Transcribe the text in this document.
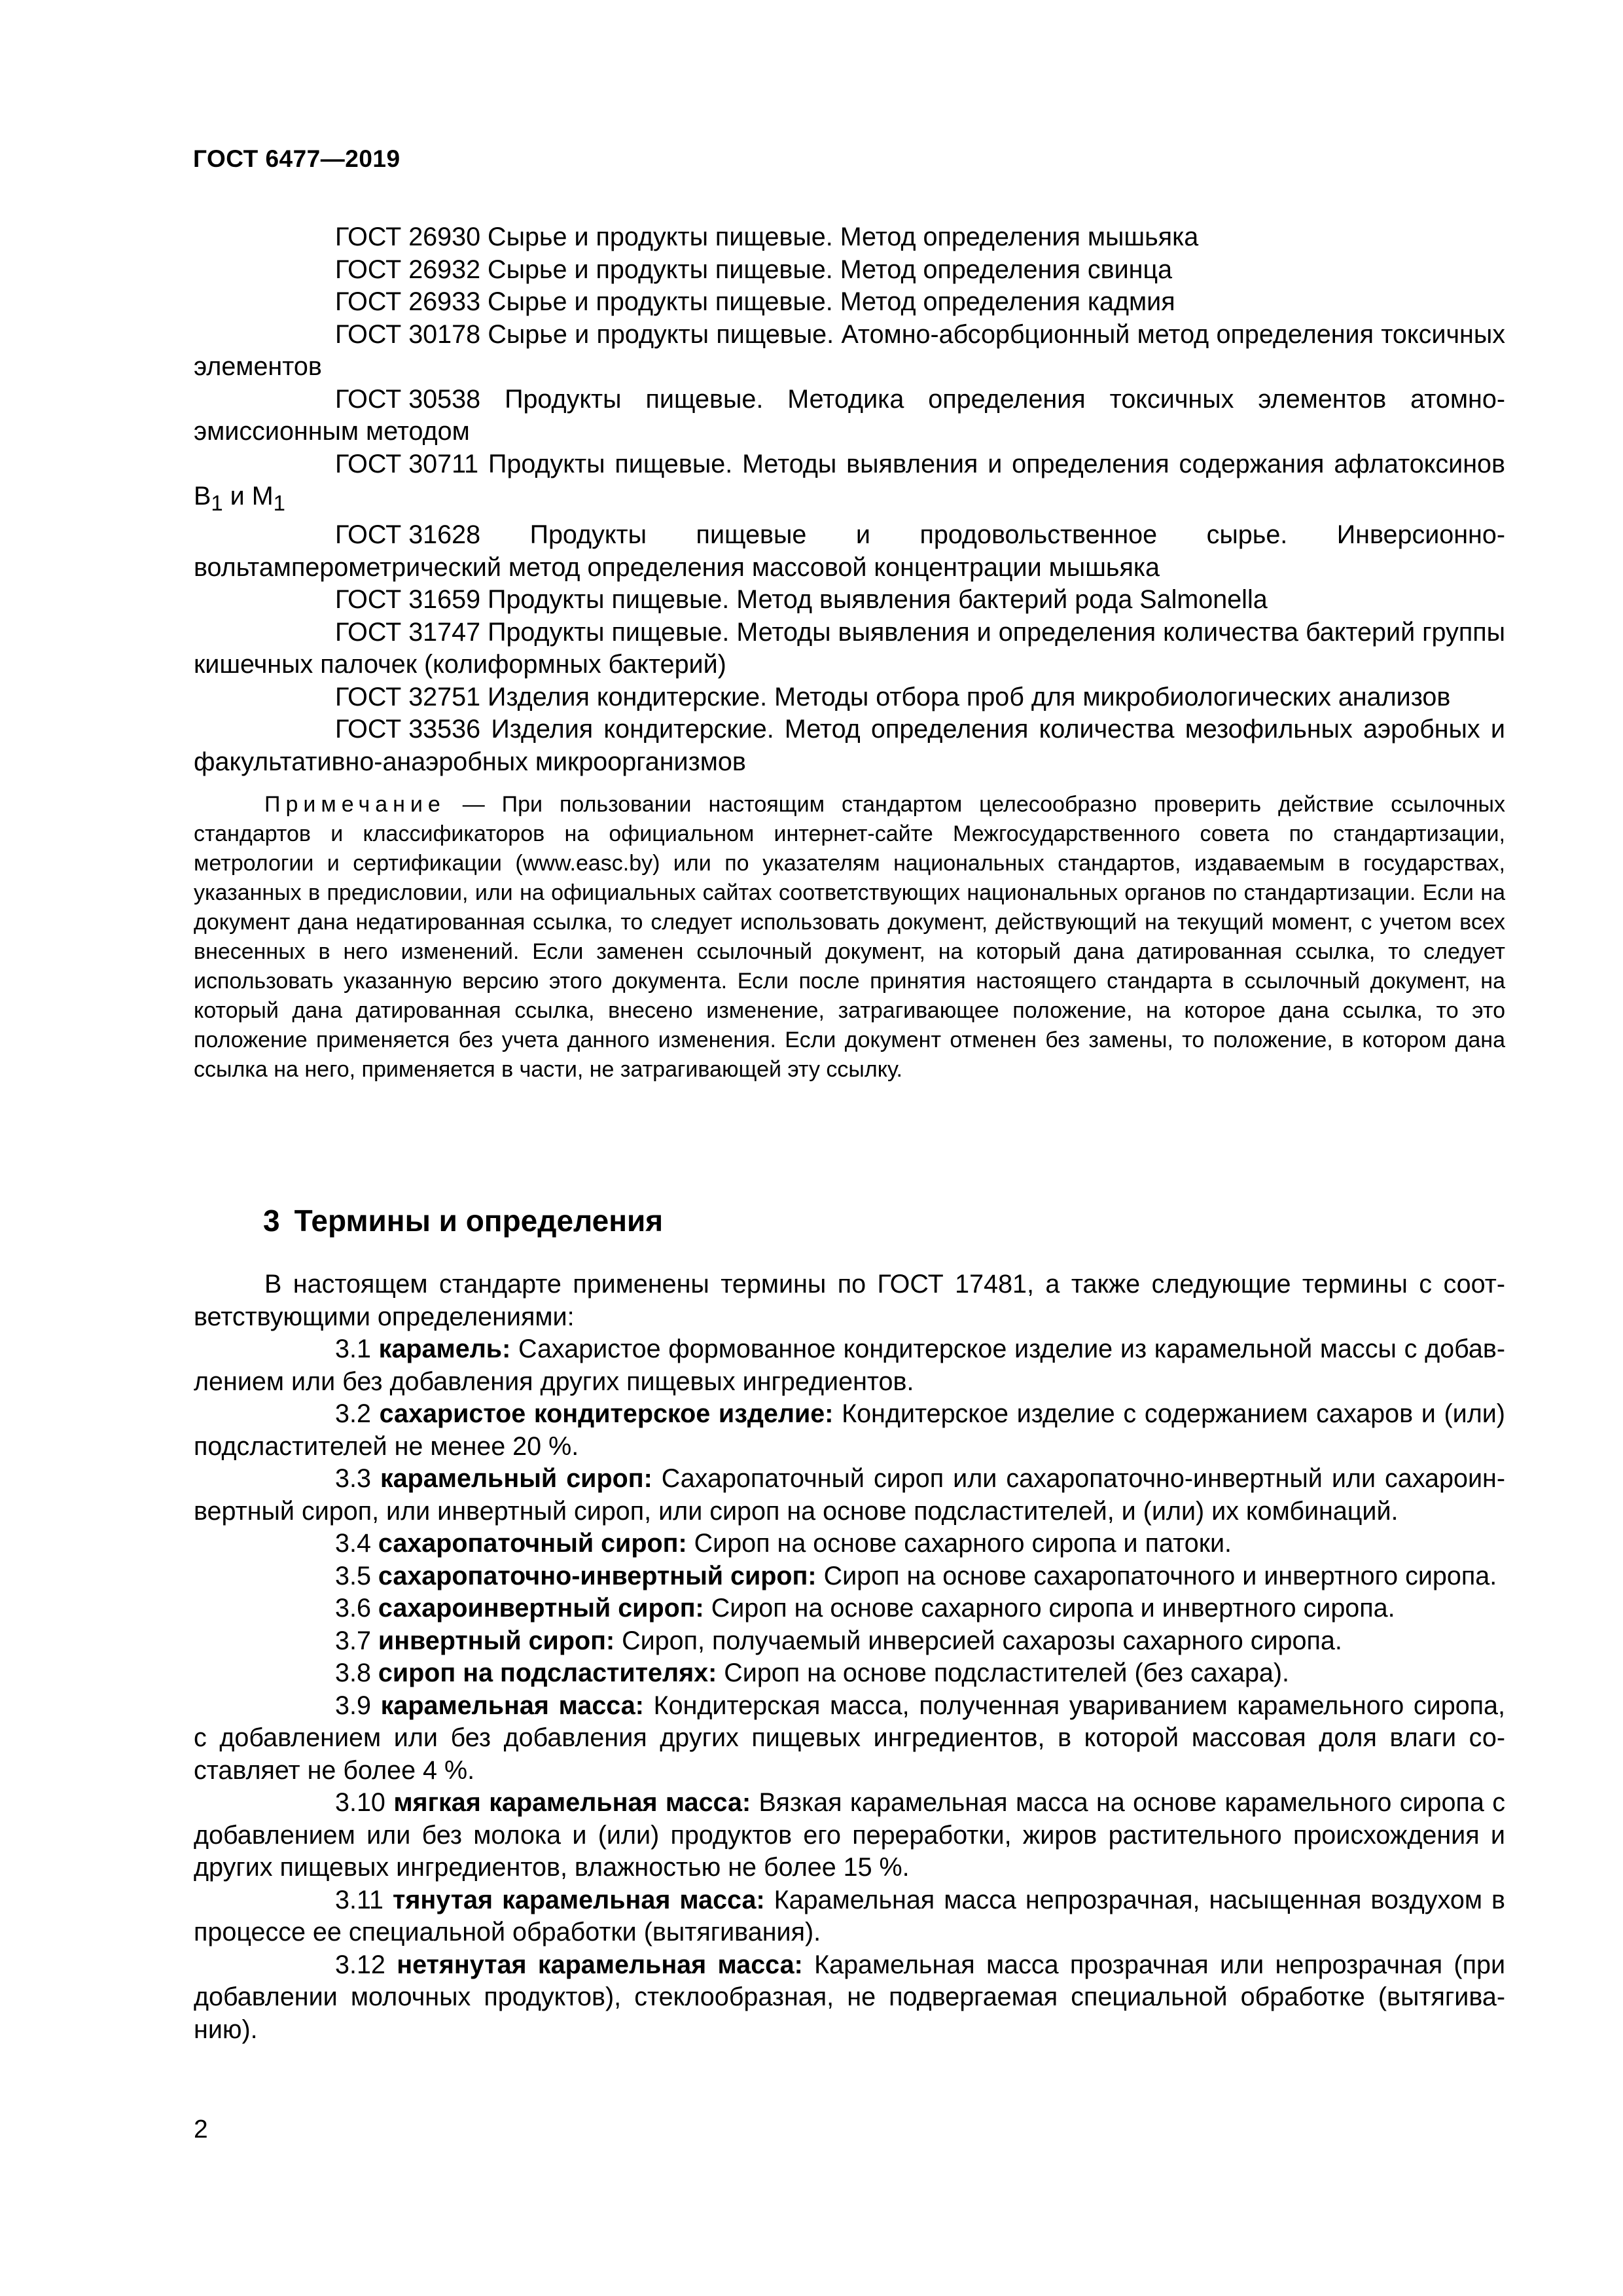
ГОСТ 6477—2019

ГОСТ 26930 Сырье и продукты пищевые. Метод определения мышьяка

ГОСТ 26932 Сырье и продукты пищевые. Метод определения свинца

ГОСТ 26933 Сырье и продукты пищевые. Метод определения кадмия

ГОСТ 30178 Сырье и продукты пищевые. Атомно-абсорбционный метод определения токсичных элементов

ГОСТ 30538 Продукты пищевые. Методика определения токсичных элементов атомно-эмиссионным методом

ГОСТ 30711 Продукты пищевые. Методы выявления и определения содержания афлатоксинов $B_1$ и $M_1$

ГОСТ 31628 Продукты пищевые и продовольственное сырье. Инверсионно-вольтамперометрический метод определения массовой концентрации мышьяка

ГОСТ 31659 Продукты пищевые. Метод выявления бактерий рода Salmonella

ГОСТ 31747 Продукты пищевые. Методы выявления и определения количества бактерий группы кишечных палочек (колиформных бактерий)

ГОСТ 32751 Изделия кондитерские. Методы отбора проб для микробиологических анализов

ГОСТ 33536 Изделия кондитерские. Метод определения количества мезофильных аэробных и факультативно-анаэробных микроорганизмов

Примечание — При пользовании настоящим стандартом целесообразно проверить действие ссылочных стандартов и классификаторов на официальном интернет-сайте Межгосударственного совета по стандартизации, метрологии и сертификации (www.easc.by) или по указателям национальных стандартов, издаваемым в государствах, указанных в предисловии, или на официальных сайтах соответствующих национальных органов по стандартизации. Если на документ дана недатированная ссылка, то следует использовать документ, действующий на текущий момент, с учетом всех внесенных в него изменений. Если заменен ссылочный документ, на который дана датированная ссылка, то следует использовать указанную версию этого документа. Если после принятия настоящего стандарта в ссылочный документ, на который дана датированная ссылка, внесено изменение, затрагивающее положение, на которое дана ссылка, то это положение применяется без учета данного изменения. Если документ отменен без замены, то положение, в котором дана ссылка на него, применяется в части, не затрагивающей эту ссылку.
3 Термины и определения

В настоящем стандарте применены термины по ГОСТ 17481, а также следующие термины с соответствующими определениями:

3.1 карамель: Сахаристое формованное кондитерское изделие из карамельной массы с добавлением или без добавления других пищевых ингредиентов.

3.2 сахаристое кондитерское изделие: Кондитерское изделие с содержанием сахаров и (или) подсластителей не менее 20 %.

3.3 карамельный сироп: Сахаропаточный сироп или сахаропаточно-инвертный или сахароинвертный сироп, или инвертный сироп, или сироп на основе подсластителей, и (или) их комбинаций.

3.4 сахаропаточный сироп: Сироп на основе сахарного сиропа и патоки.

3.5 сахаропаточно-инвертный сироп: Сироп на основе сахаропаточного и инвертного сиропа.

3.6 сахароинвертный сироп: Сироп на основе сахарного сиропа и инвертного сиропа.

3.7 инвертный сироп: Сироп, получаемый инверсией сахарозы сахарного сиропа.

3.8 сироп на подсластителях: Сироп на основе подсластителей (без сахара).

3.9 карамельная масса: Кондитерская масса, полученная увариванием карамельного сиропа, с добавлением или без добавления других пищевых ингредиентов, в которой массовая доля влаги составляет не более 4 %.

3.10 мягкая карамельная масса: Вязкая карамельная масса на основе карамельного сиропа с добавлением или без молока и (или) продуктов его переработки, жиров растительного происхождения и других пищевых ингредиентов, влажностью не более 15 %.

3.11 тянутая карамельная масса: Карамельная масса непрозрачная, насыщенная воздухом в процессе ее специальной обработки (вытягивания).

3.12 нетянутая карамельная масса: Карамельная масса прозрачная или непрозрачная (при добавлении молочных продуктов), стеклообразная, не подвергаемая специальной обработке (вытягиванию).

2
